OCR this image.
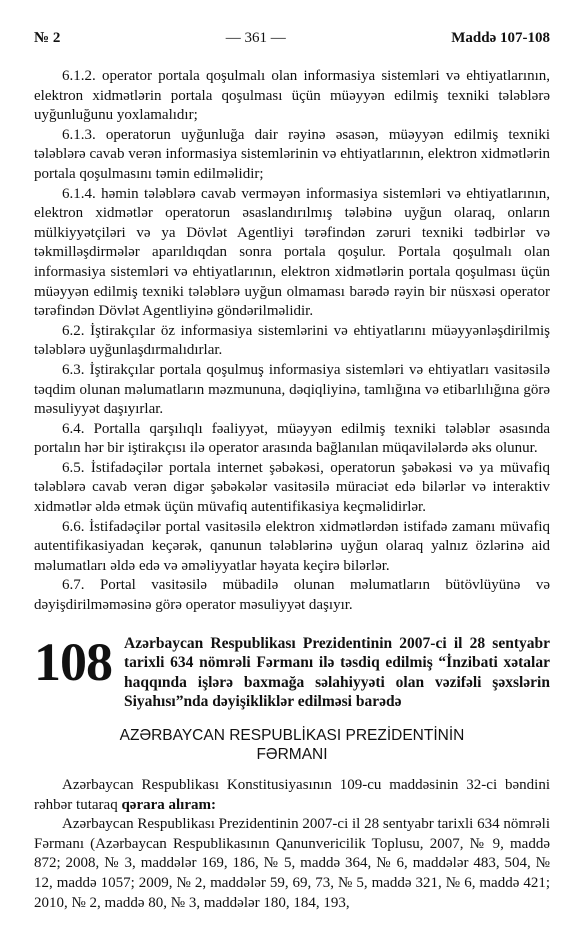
№ 2	— 361 —	Maddə 107-108

6.1.2. operator portala qoşulmalı olan informasiya sistemləri və ehtiyatlarının, elektron xidmətlərin portala qoşulması üçün müəyyən edilmiş texniki tələblərə uyğunluğunu yoxlamalıdır;

6.1.3. operatorun uyğunluğa dair rəyinə əsasən, müəyyən edilmiş texniki tələblərə cavab verən informasiya sistemlərinin və ehtiyatlarının, elektron xidmətlərin portala qoşulmasını təmin edilməlidir;

6.1.4. həmin tələblərə cavab verməyən informasiya sistemləri və ehtiyatlarının, elektron xidmətlər operatorun əsaslandırılmış tələbinə uyğun olaraq, onların mülkiyyətçiləri və ya Dövlət Agentliyi tərəfindən zəruri texniki tədbirlər və təkmilləşdirmələr aparıldıqdan sonra portala qoşulur. Portala qoşulmalı olan informasiya sistemləri və ehtiyatlarının, elektron xidmətlərin portala qoşulması üçün müəyyən edilmiş texniki tələblərə uyğun olmaması barədə rəyin bir nüsxəsi operator tərəfindən Dövlət Agentliyinə göndərilməlidir.

6.2. İştirakçılar öz informasiya sistemlərini və ehtiyatlarını müəyyənləşdirilmiş tələblərə uyğunlaşdırmalıdırlar.

6.3. İştirakçılar portala qoşulmuş informasiya sistemləri və ehtiyatları vasitəsilə təqdim olunan məlumatların məzmununa, dəqiqliyinə, tamlığına və etibarlılığına görə məsuliyyət daşıyırlar.

6.4. Portalla qarşılıqlı fəaliyyət, müəyyən edilmiş texniki tələblər əsasında portalın hər bir iştirakçısı ilə operator arasında bağlanılan müqavilələrdə əks olunur.

6.5. İstifadəçilər portala internet şəbəkəsi, operatorun şəbəkəsi və ya müvafiq tələblərə cavab verən digər şəbəkələr vasitəsilə müraciət edə bilərlər və interaktiv xidmətlər əldə etmək üçün müvafiq autentifikasiya keçməlidirlər.

6.6. İstifadəçilər portal vasitəsilə elektron xidmətlərdən istifadə zamanı müvafiq autentifikasiyadan keçərək, qanunun tələblərinə uyğun olaraq yalnız özlərinə aid məlumatları əldə edə və əməliyyatlar həyata keçirə bilərlər.

6.7. Portal vasitəsilə mübadilə olunan məlumatların bütövlüyünə və dəyişdirilməməsinə görə operator məsuliyyət daşıyır.

108 Azərbaycan Respublikası Prezidentinin 2007-ci il 28 sentyabr tarixli 634 nömrəli Fərmanı ilə təsdiq edilmiş “İnzibati xətalar haqqında işlərə baxmağa səlahiyyəti olan vəzifəli şəxslərin Siyahısı”nda dəyişikliklər edilməsi barədə
AZƏRBAYCAN RESPUBLİKASI PREZİDENTİNİN
FƏRMANI

Azərbaycan Respublikası Konstitusiyasının 109-cu maddəsinin 32-ci bəndini rəhbər tutaraq qərara alıram:

Azərbaycan Respublikası Prezidentinin 2007-ci il 28 sentyabr tarixli 634 nömrəli Fərmanı (Azərbaycan Respublikasının Qanunvericilik Toplusu, 2007, № 9, maddə 872; 2008, № 3, maddələr 169, 186, № 5, maddə 364, № 6, maddələr 483, 504, № 12, maddə 1057; 2009, № 2, maddələr 59, 69, 73, № 5, maddə 321, № 6, maddə 421; 2010, № 2, maddə 80, № 3, maddələr 180, 184, 193,
